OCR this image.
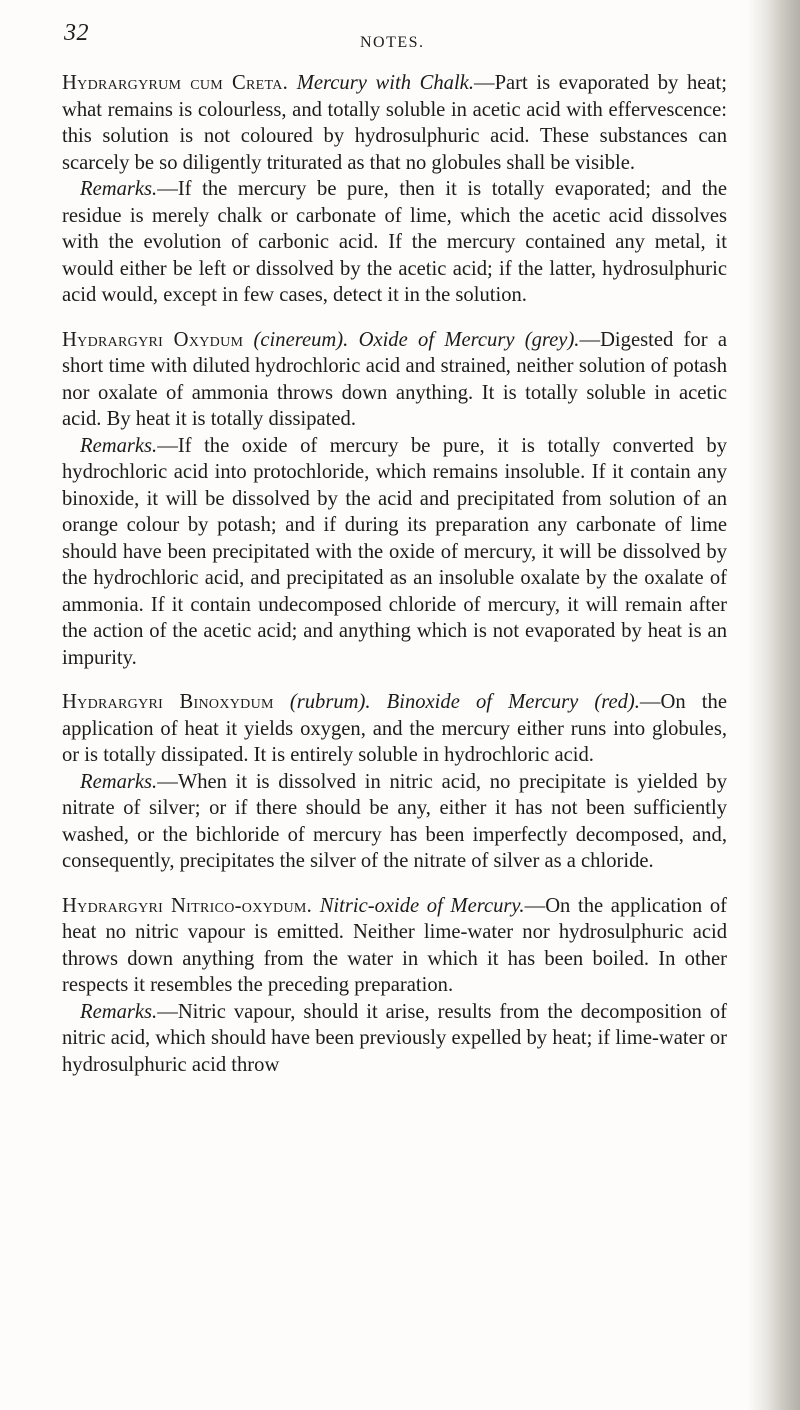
32	NOTES.

Hydrargyrum cum Creta. Mercury with Chalk.—Part is evaporated by heat; what remains is colourless, and totally soluble in acetic acid with effervescence: this solution is not coloured by hydrosulphuric acid. These substances can scarcely be so diligently triturated as that no globules shall be visible.

Remarks.—If the mercury be pure, then it is totally evaporated; and the residue is merely chalk or carbonate of lime, which the acetic acid dissolves with the evolution of carbonic acid. If the mercury contained any metal, it would either be left or dissolved by the acetic acid; if the latter, hydrosulphuric acid would, except in few cases, detect it in the solution.

Hydrargyri Oxydum (cinereum). Oxide of Mercury (grey).—Digested for a short time with diluted hydrochloric acid and strained, neither solution of potash nor oxalate of ammonia throws down anything. It is totally soluble in acetic acid. By heat it is totally dissipated.

Remarks.—If the oxide of mercury be pure, it is totally converted by hydrochloric acid into protochloride, which remains insoluble. If it contain any binoxide, it will be dissolved by the acid and precipitated from solution of an orange colour by potash; and if during its preparation any carbonate of lime should have been precipitated with the oxide of mercury, it will be dissolved by the hydrochloric acid, and precipitated as an insoluble oxalate by the oxalate of ammonia. If it contain undecomposed chloride of mercury, it will remain after the action of the acetic acid; and anything which is not evaporated by heat is an impurity.

Hydrargyri Binoxydum (rubrum). Binoxide of Mercury (red).—On the application of heat it yields oxygen, and the mercury either runs into globules, or is totally dissipated. It is entirely soluble in hydrochloric acid.

Remarks.—When it is dissolved in nitric acid, no precipitate is yielded by nitrate of silver; or if there should be any, either it has not been sufficiently washed, or the bichloride of mercury has been imperfectly decomposed, and, consequently, precipitates the silver of the nitrate of silver as a chloride.

Hydrargyri Nitrico-oxydum. Nitric-oxide of Mercury.—On the application of heat no nitric vapour is emitted. Neither lime-water nor hydrosulphuric acid throws down anything from the water in which it has been boiled. In other respects it resembles the preceding preparation.

Remarks.—Nitric vapour, should it arise, results from the decomposition of nitric acid, which should have been previously expelled by heat; if lime-water or hydrosulphuric acid throw
